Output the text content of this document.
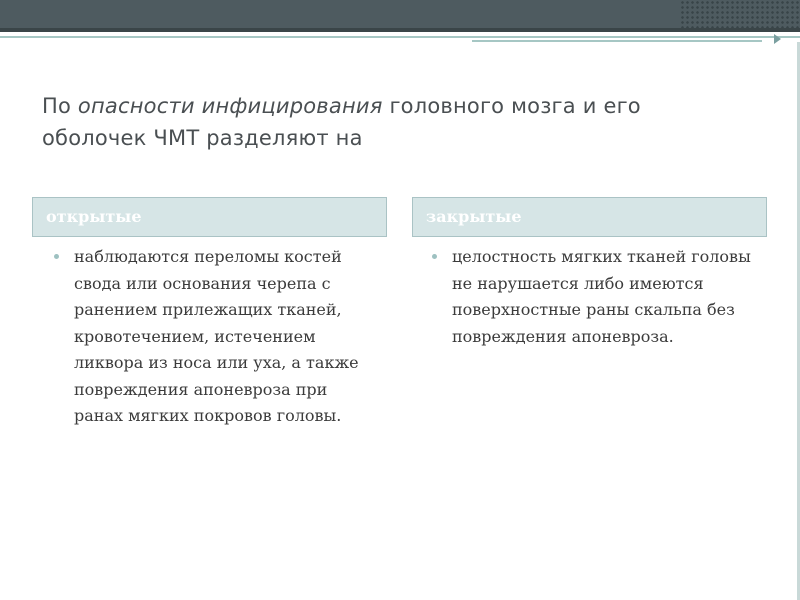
По опасности инфицирования головного мозга и его
оболочек ЧМТ разделяют на
открытые	закрытые
наблюдаются переломы костей свода или основания черепа с ранением прилежащих тканей, кровотечением, истечением ликвора из носа или уха, а также повреждения апоневроза при ранах мягких покровов головы.
целостность мягких тканей головы не нарушается либо имеются поверхностные раны скальпа без повреждения апоневроза.
